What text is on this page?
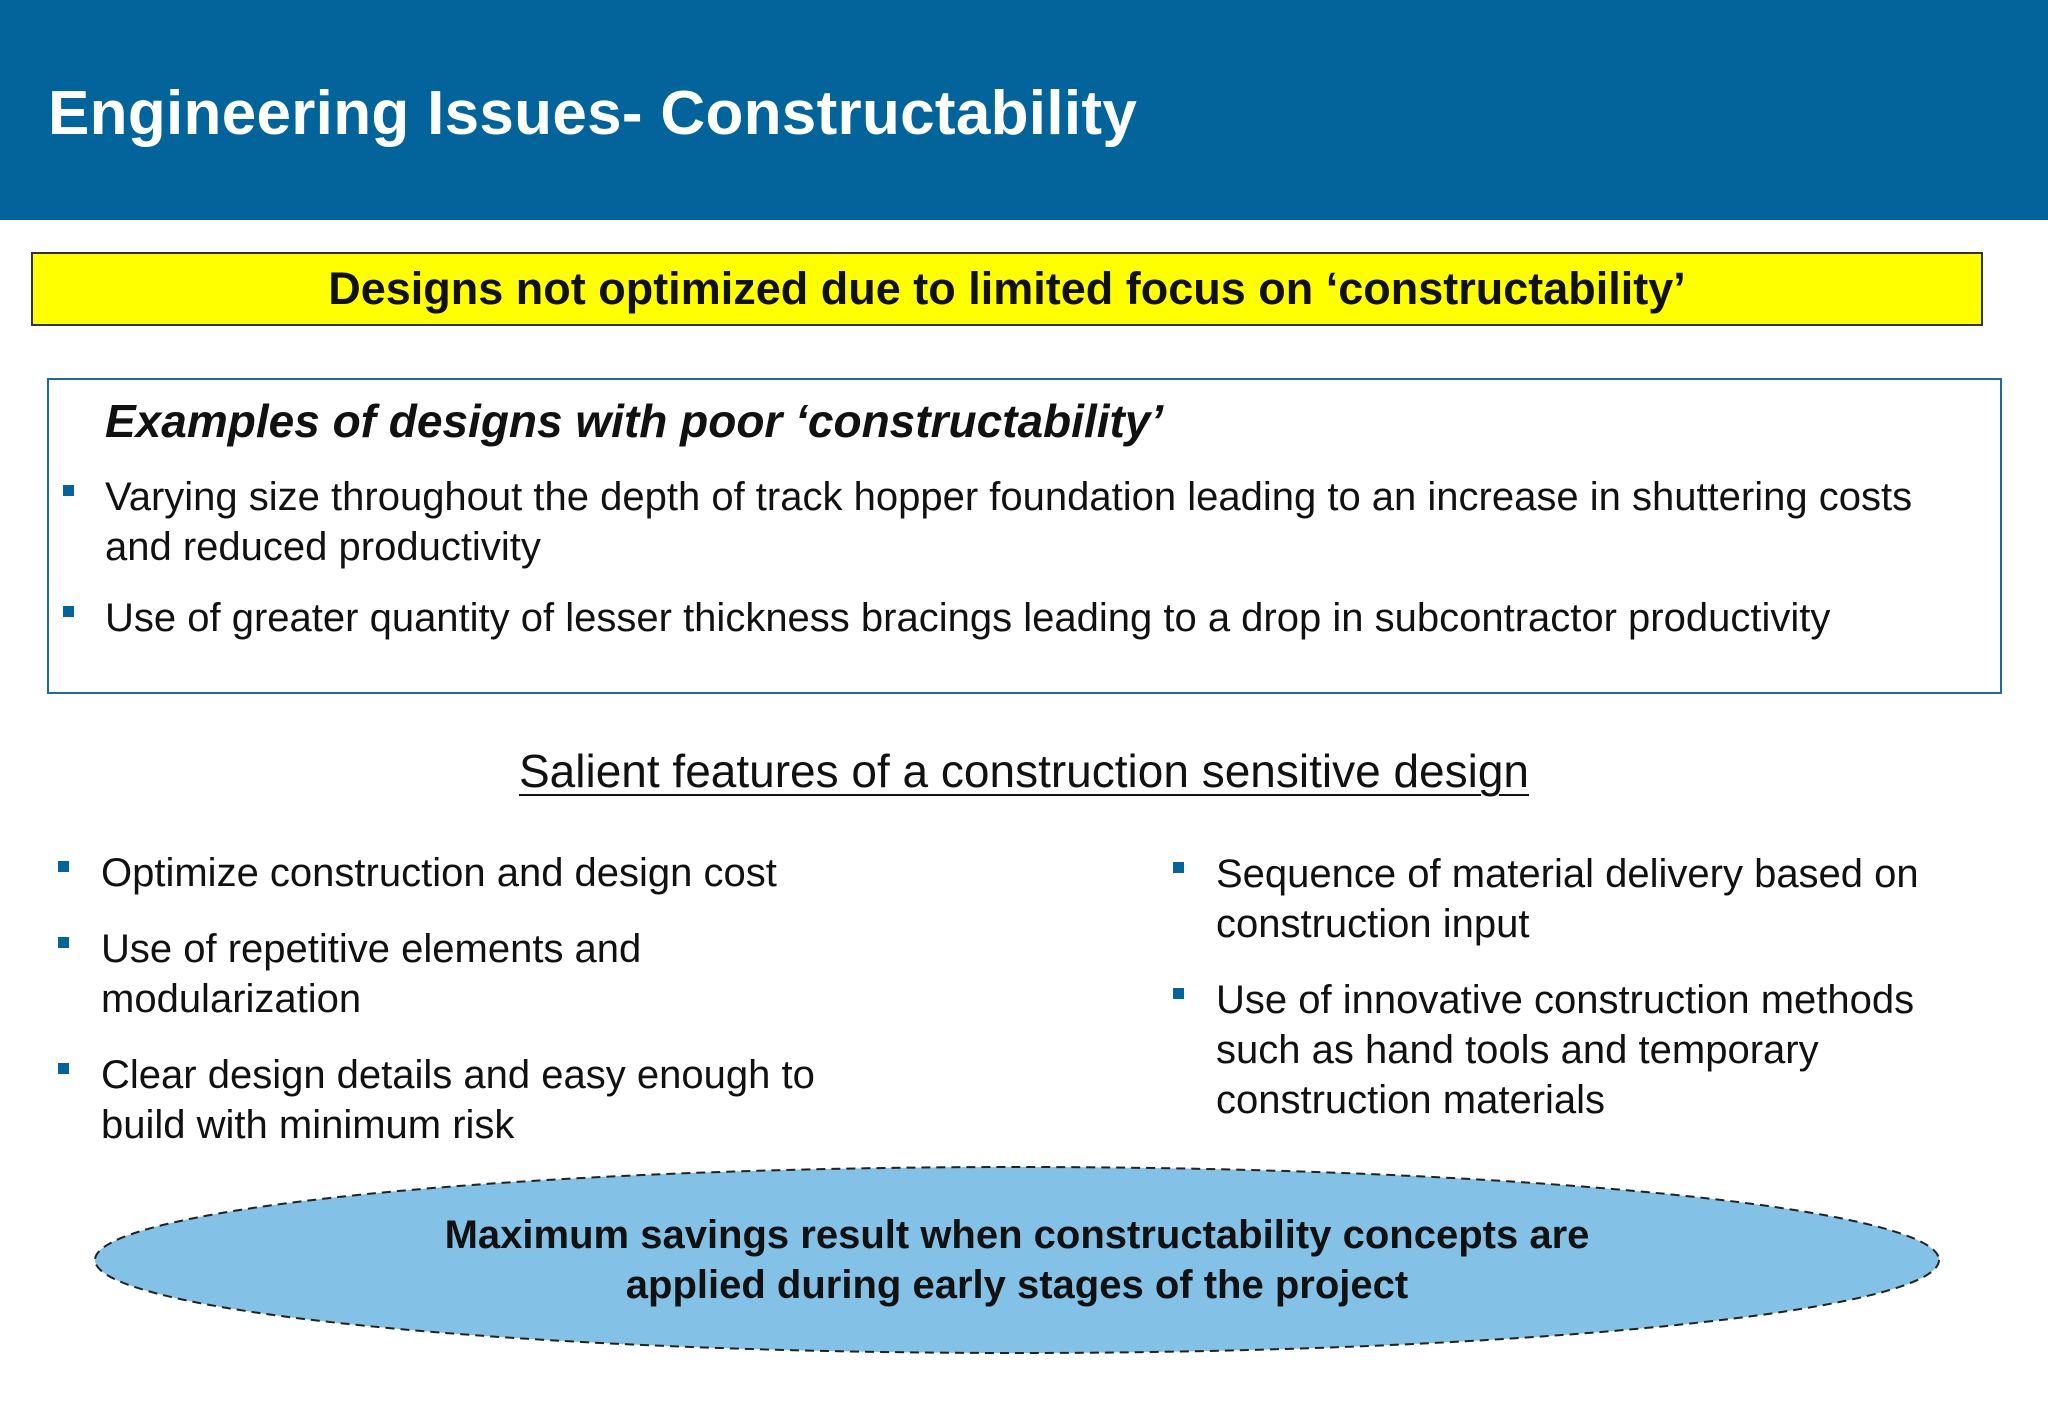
Engineering Issues- Constructability
Designs not optimized due to limited focus on ‘constructability’
Examples of designs with poor ‘constructability’
Varying size throughout the depth of track hopper foundation leading to an increase in shuttering costs and reduced productivity
Use of greater quantity of lesser thickness bracings leading to a drop in subcontractor productivity
Salient features of a construction sensitive design
Optimize construction and design cost
Use of repetitive elements and modularization
Clear design details and easy enough to build with minimum risk
Sequence of material delivery based on construction input
Use of innovative construction methods such as hand tools and temporary construction materials
Maximum savings result when constructability concepts are
applied during early stages of the project
